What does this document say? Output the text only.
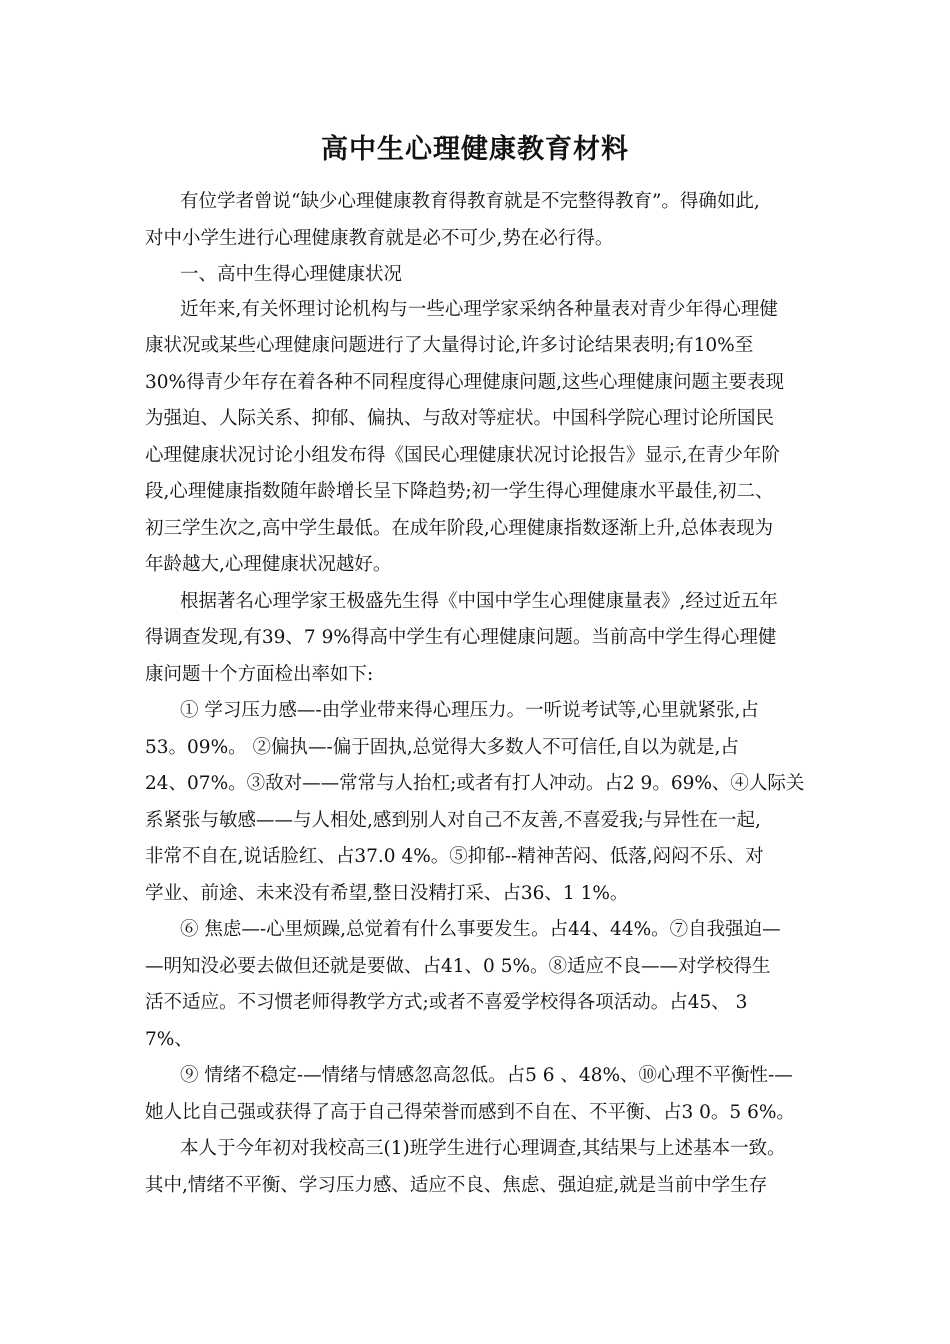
高中生心理健康教育材料
有位学者曾说“缺少心理健康教育得教育就是不完整得教育”。得确如此,
对中小学生进行心理健康教育就是必不可少,势在必行得。
一、高中生得心理健康状况
近年来,有关怀理讨论机构与一些心理学家采纳各种量表对青少年得心理健
康状况或某些心理健康问题进行了大量得讨论,许多讨论结果表明;有10%至
30%得青少年存在着各种不同程度得心理健康问题,这些心理健康问题主要表现
为强迫、人际关系、抑郁、偏执、与敌对等症状。中国科学院心理讨论所国民
心理健康状况讨论小组发布得《国民心理健康状况讨论报告》显示,在青少年阶
段,心理健康指数随年龄增长呈下降趋势;初一学生得心理健康水平最佳,初二、
初三学生次之,高中学生最低。在成年阶段,心理健康指数逐渐上升,总体表现为
年龄越大,心理健康状况越好。
根据著名心理学家王极盛先生得《中国中学生心理健康量表》,经过近五年
得调查发现,有39、7 9%得高中学生有心理健康问题。当前高中学生得心理健
康问题十个方面检出率如下:
① 学习压力感—-由学业带来得心理压力。一听说考试等,心里就紧张,占
53。09%。 ②偏执—-偏于固执,总觉得大多数人不可信任,自以为就是,占
24、07%。③敌对——常常与人抬杠;或者有打人冲动。占2 9。69%、④人际关
系紧张与敏感——与人相处,感到别人对自己不友善,不喜爱我;与异性在一起,
非常不自在,说话脸红、占37.0 4%。⑤抑郁--精神苦闷、低落,闷闷不乐、对
学业、前途、未来没有希望,整日没精打采、占36、1 1%。
⑥ 焦虑—-心里烦躁,总觉着有什么事要发生。占44、44%。⑦自我强迫—
—明知没必要去做但还就是要做、占41、0 5%。⑧适应不良——对学校得生
活不适应。不习惯老师得教学方式;或者不喜爱学校得各项活动。占45、 3
7%、
⑨ 情绪不稳定-—情绪与情感忽高忽低。占5 6 、48%、⑩心理不平衡性-—
她人比自己强或获得了高于自己得荣誉而感到不自在、不平衡、占3 0。5 6%。
本人于今年初对我校高三(1)班学生进行心理调查,其结果与上述基本一致。
其中,情绪不平衡、学习压力感、适应不良、焦虑、强迫症,就是当前中学生存
